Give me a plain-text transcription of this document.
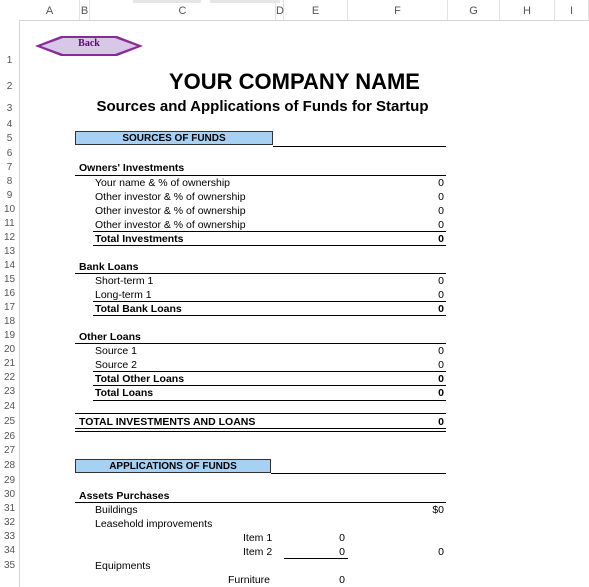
A	B	C	D	E	F	G	H	I
1
2
3
4
5
6
7
8
9
10
11
12
13
14
15
16
17
18
19
20
21
22
23
24
25
26
27
28
29
30
31
32
33
34
35
Back
YOUR COMPANY NAME
Sources and Applications of Funds for Startup
SOURCES OF FUNDS
Owners' Investments
Your name & % of ownership	0
Other investor & % of ownership	0
Other investor & % of ownership	0
Other investor & % of ownership	0
Total Investments	0
Bank Loans
Short-term 1	0
Long-term 1	0
Total Bank Loans	0
Other Loans
Source 1	0
Source 2	0
Total Other Loans	0
Total Loans	0
TOTAL INVESTMENTS AND LOANS	0
APPLICATIONS OF FUNDS
Assets Purchases
Buildings	$0
Leasehold improvements
Item 1	0
Item 2	0	0
Equipments
Furniture	0
